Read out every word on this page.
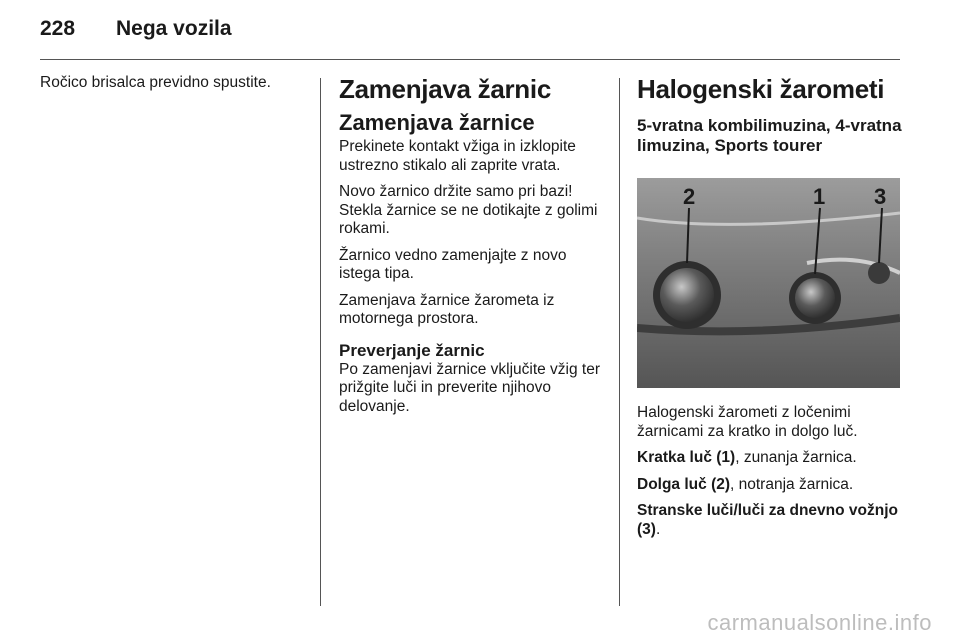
228	Nega vozila

Ročico brisalca previdno spustite.	Zamenjava žarnic
Zamenjava žarnice

Prekinete kontakt vžiga in izklopite ustrezno stikalo ali zaprite vrata.

Novo žarnico držite samo pri bazi! Stekla žarnice se ne dotikajte z golimi rokami.

Žarnico vedno zamenjajte z novo istega tipa.

Zamenjava žarnice žarometa iz motornega prostora.

Preverjanje žarnic

Po zamenjavi žarnice vključite vžig ter prižgite luči in preverite njihovo delovanje.

Halogenski žarometi
5-vratna kombilimuzina, 4-vratna limuzina, Sports tourer
2	1 3

Halogenski žarometi z ločenimi žarnicami za kratko in dolgo luč.

Kratka luč (1), zunanja žarnica.

Dolga luč (2), notranja žarnica.

Stranske luči/luči za dnevno vožnjo (3).

carmanualsonline.info
